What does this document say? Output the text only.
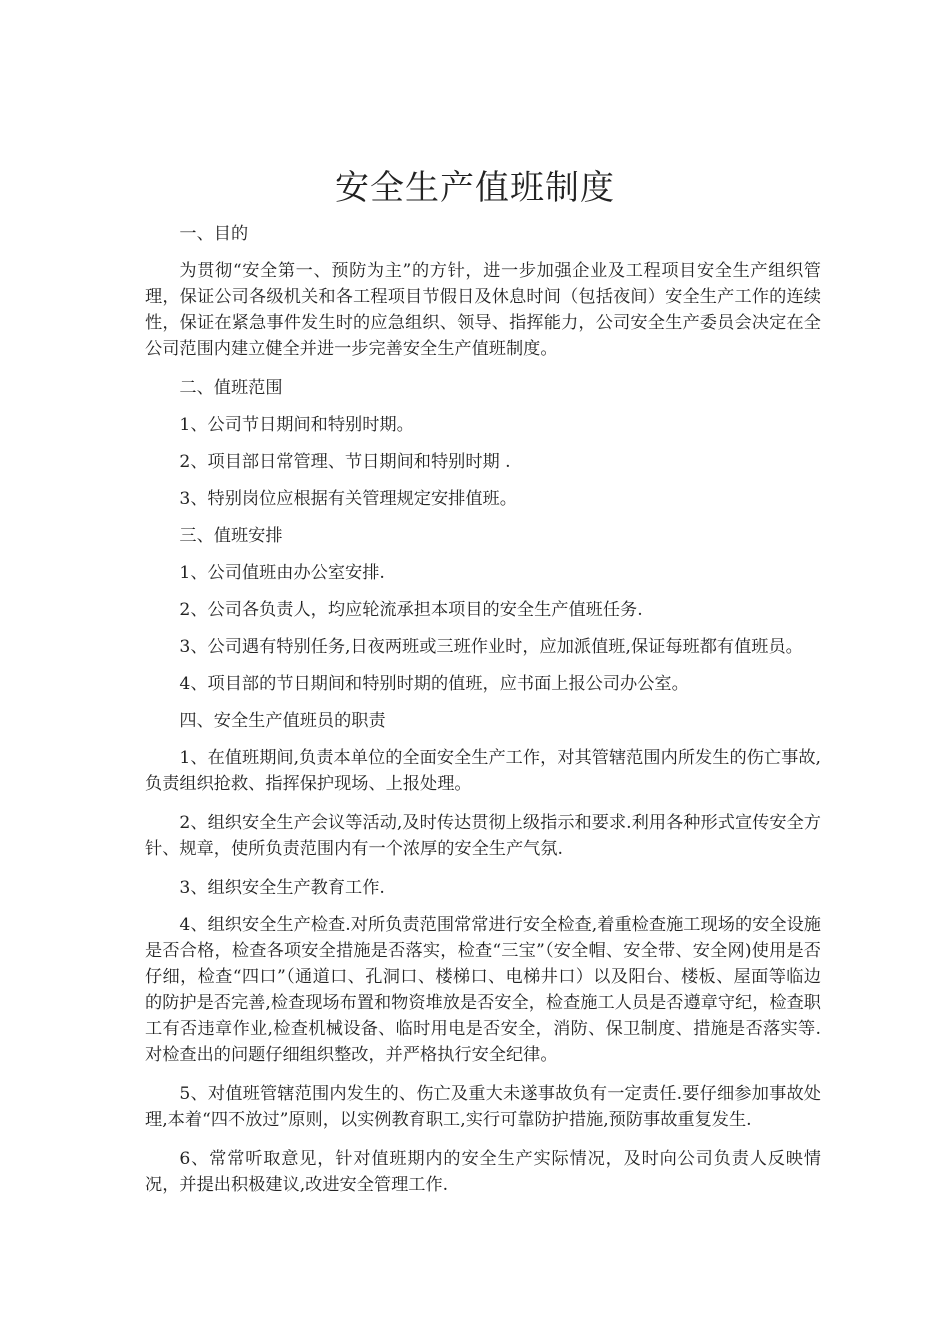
安全生产值班制度

一、目的

为贯彻“安全第一、预防为主”的方针，进一步加强企业及工程项目安全生产组织管理，保证公司各级机关和各工程项目节假日及休息时间（包括夜间）安全生产工作的连续性，保证在紧急事件发生时的应急组织、领导、指挥能力，公司安全生产委员会决定在全公司范围内建立健全并进一步完善安全生产值班制度。

二、值班范围

1、公司节日期间和特别时期。

2、项目部日常管理、节日期间和特别时期 .

3、特别岗位应根据有关管理规定安排值班。

三、值班安排

1、公司值班由办公室安排.

2、公司各负责人，均应轮流承担本项目的安全生产值班任务.

3、公司遇有特别任务,日夜两班或三班作业时，应加派值班,保证每班都有值班员。

4、项目部的节日期间和特别时期的值班，应书面上报公司办公室。

四、安全生产值班员的职责

1、在值班期间,负责本单位的全面安全生产工作，对其管辖范围内所发生的伤亡事故,负责组织抢救、指挥保护现场、上报处理。

2、组织安全生产会议等活动,及时传达贯彻上级指示和要求.利用各种形式宣传安全方针、规章，使所负责范围内有一个浓厚的安全生产气氛.

3、组织安全生产教育工作.

4、组织安全生产检查.对所负责范围常常进行安全检查,着重检查施工现场的安全设施是否合格，检查各项安全措施是否落实，检查“三宝”（安全帽、安全带、安全网)使用是否仔细，检查“四口”（通道口、孔洞口、楼梯口、电梯井口）以及阳台、楼板、屋面等临边的防护是否完善,检查现场布置和物资堆放是否安全，检查施工人员是否遵章守纪，检查职工有否违章作业,检查机械设备、临时用电是否安全，消防、保卫制度、措施是否落实等.对检查出的问题仔细组织整改，并严格执行安全纪律。

5、对值班管辖范围内发生的、伤亡及重大未遂事故负有一定责任.要仔细参加事故处理,本着“四不放过”原则，以实例教育职工,实行可靠防护措施,预防事故重复发生.

6、常常听取意见，针对值班期内的安全生产实际情况，及时向公司负责人反映情况，并提出积极建议,改进安全管理工作.
